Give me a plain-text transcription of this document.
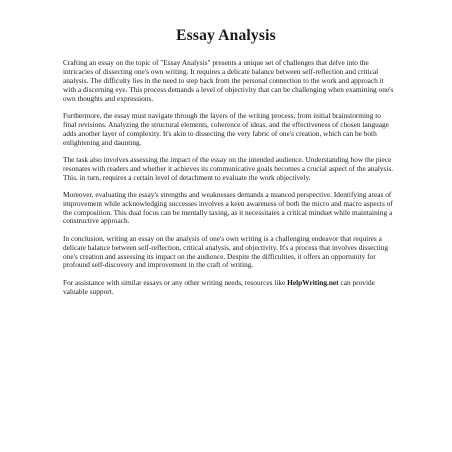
Essay Analysis

Crafting an essay on the topic of "Essay Analysis" presents a unique set of challenges that delve into the intricacies of dissecting one's own writing. It requires a delicate balance between self-reflection and critical analysis. The difficulty lies in the need to step back from the personal connection to the work and approach it with a discerning eye. This process demands a level of objectivity that can be challenging when examining one's own thoughts and expressions.

Furthermore, the essay must navigate through the layers of the writing process, from initial brainstorming to final revisions. Analyzing the structural elements, coherence of ideas, and the effectiveness of chosen language adds another layer of complexity. It's akin to dissecting the very fabric of one's creation, which can be both enlightening and daunting.

The task also involves assessing the impact of the essay on the intended audience. Understanding how the piece resonates with readers and whether it achieves its communicative goals becomes a crucial aspect of the analysis. This, in turn, requires a certain level of detachment to evaluate the work objectively.

Moreover, evaluating the essay's strengths and weaknesses demands a nuanced perspective. Identifying areas of improvement while acknowledging successes involves a keen awareness of both the micro and macro aspects of the composition. This dual focus can be mentally taxing, as it necessitates a critical mindset while maintaining a constructive approach.

In conclusion, writing an essay on the analysis of one's own writing is a challenging endeavor that requires a delicate balance between self-reflection, critical analysis, and objectivity. It's a process that involves dissecting one's creation and assessing its impact on the audience. Despite the difficulties, it offers an opportunity for profound self-discovery and improvement in the craft of writing.

For assistance with similar essays or any other writing needs, resources like HelpWriting.net can provide valuable support.
